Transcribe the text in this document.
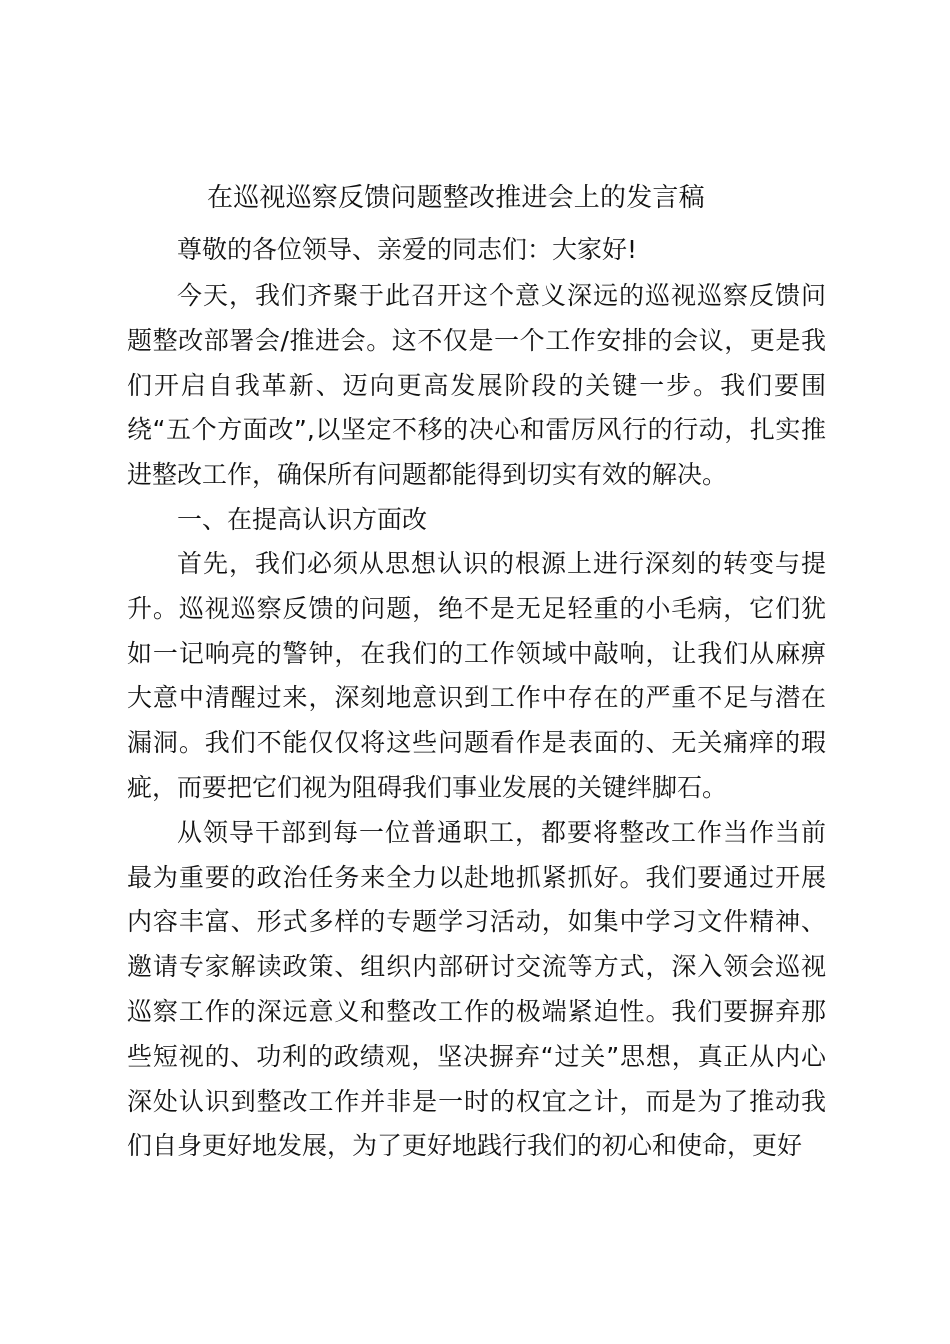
在巡视巡察反馈问题整改推进会上的发言稿

尊敬的各位领导、亲爱的同志们：大家好!

今天，我们齐聚于此召开这个意义深远的巡视巡察反馈问题整改部署会/推进会。这不仅是一个工作安排的会议，更是我们开启自我革新、迈向更高发展阶段的关键一步。我们要围绕“五个方面改”,以坚定不移的决心和雷厉风行的行动，扎实推进整改工作，确保所有问题都能得到切实有效的解决。

一、在提高认识方面改

首先，我们必须从思想认识的根源上进行深刻的转变与提升。巡视巡察反馈的问题，绝不是无足轻重的小毛病，它们犹如一记响亮的警钟，在我们的工作领域中敲响，让我们从麻痹大意中清醒过来，深刻地意识到工作中存在的严重不足与潜在漏洞。我们不能仅仅将这些问题看作是表面的、无关痛痒的瑕疵，而要把它们视为阻碍我们事业发展的关键绊脚石。

从领导干部到每一位普通职工，都要将整改工作当作当前最为重要的政治任务来全力以赴地抓紧抓好。我们要通过开展内容丰富、形式多样的专题学习活动，如集中学习文件精神、邀请专家解读政策、组织内部研讨交流等方式，深入领会巡视巡察工作的深远意义和整改工作的极端紧迫性。我们要摒弃那些短视的、功利的政绩观，坚决摒弃“过关”思想，真正从内心深处认识到整改工作并非是一时的权宜之计，而是为了推动我们自身更好地发展，为了更好地践行我们的初心和使命，更好
